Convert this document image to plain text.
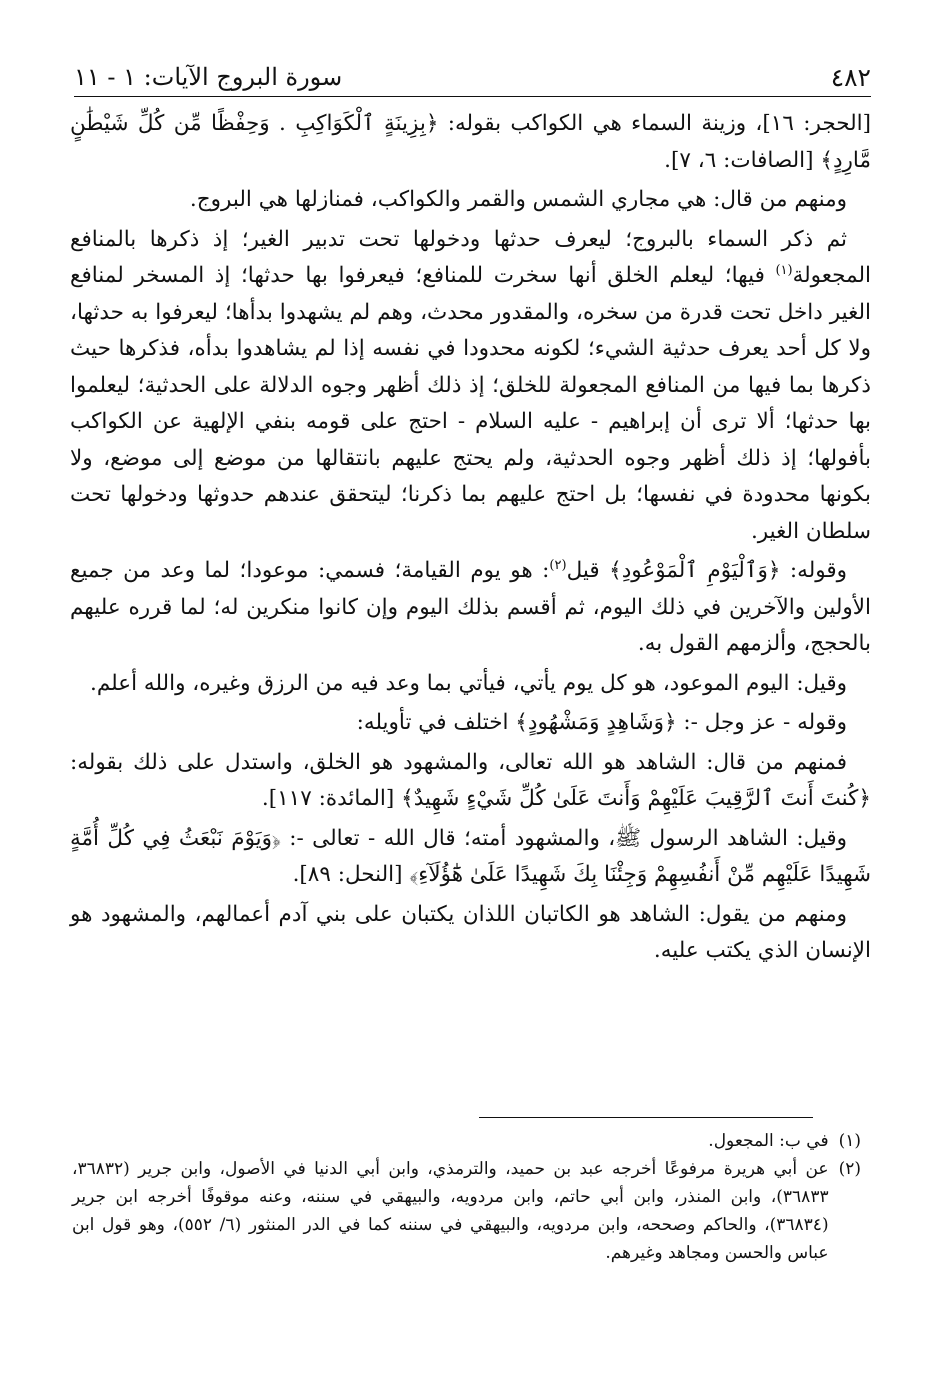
٤٨٢
سورة البروج الآيات: ١ - ١١

[الحجر: ١٦]، وزينة السماء هي الكواكب بقوله: ﴿بِزِينَةٍ ٱلْكَوَاكِبِ . وَحِفْظًا مِّن كُلِّ شَيْطَٰنٍ مَّارِدٍ﴾ [الصافات: ٦، ٧].

ومنهم من قال: هي مجاري الشمس والقمر والكواكب، فمنازلها هي البروج.

ثم ذكر السماء بالبروج؛ ليعرف حدثها ودخولها تحت تدبير الغير؛ إذ ذكرها بالمنافع المجعولة$^{(١)}$ فيها؛ ليعلم الخلق أنها سخرت للمنافع؛ فيعرفوا بها حدثها؛ إذ المسخر لمنافع الغير داخل تحت قدرة من سخره، والمقدور محدث، وهم لم يشهدوا بدأها؛ ليعرفوا به حدثها، ولا كل أحد يعرف حدثية الشيء؛ لكونه محدودا في نفسه إذا لم يشاهدوا بدأه، فذكرها حيث ذكرها بما فيها من المنافع المجعولة للخلق؛ إذ ذلك أظهر وجوه الدلالة على الحدثية؛ ليعلموا بها حدثها؛ ألا ترى أن إبراهيم - عليه السلام - احتج على قومه بنفي الإلهية عن الكواكب بأفولها؛ إذ ذلك أظهر وجوه الحدثية، ولم يحتج عليهم بانتقالها من موضع إلى موضع، ولا بكونها محدودة في نفسها؛ بل احتج عليهم بما ذكرنا؛ ليتحقق عندهم حدوثها ودخولها تحت سلطان الغير.

وقوله: ﴿وَٱلْيَوْمِ ٱلْمَوْعُودِ﴾ قيل$^{(٢)}$: هو يوم القيامة؛ فسمي: موعودا؛ لما وعد من جميع الأولين والآخرين في ذلك اليوم، ثم أقسم بذلك اليوم وإن كانوا منكرين له؛ لما قرره عليهم بالحجج، وألزمهم القول به.

وقيل: اليوم الموعود، هو كل يوم يأتي، فيأتي بما وعد فيه من الرزق وغيره، والله أعلم.

وقوله - عز وجل -: ﴿وَشَاهِدٍ وَمَشْهُودٍ﴾ اختلف في تأويله:

فمنهم من قال: الشاهد هو الله تعالى، والمشهود هو الخلق، واستدل على ذلك بقوله: ﴿كُنتَ أَنتَ ٱلرَّقِيبَ عَلَيْهِمْ وَأَنتَ عَلَىٰ كُلِّ شَيْءٍ شَهِيدٌ﴾ [المائدة: ١١٧].

وقيل: الشاهد الرسول ﷺ، والمشهود أمته؛ قال الله - تعالى -: ﴿وَيَوْمَ نَبْعَثُ فِي كُلِّ أُمَّةٍ شَهِيدًا عَلَيْهِم مِّنْ أَنفُسِهِمْ وَجِئْنَا بِكَ شَهِيدًا عَلَىٰ هَٰٓؤُلَآءِ﴾ [النحل: ٨٩].

ومنهم من يقول: الشاهد هو الكاتبان اللذان يكتبان على بني آدم أعمالهم، والمشهود هو الإنسان الذي يكتب عليه.

(١)
في ب: المجعول.
(٢)
عن أبي هريرة مرفوعًا أخرجه عبد بن حميد، والترمذي، وابن أبي الدنيا في الأصول، وابن جرير (٣٦٨٣٢، ٣٦٨٣٣)، وابن المنذر، وابن أبي حاتم، وابن مردويه، والبيهقي في سننه، وعنه موقوفًا أخرجه ابن جرير (٣٦٨٣٤)، والحاكم وصححه، وابن مردويه، والبيهقي في سننه كما في الدر المنثور (٦/ ٥٥٢)، وهو قول ابن عباس والحسن ومجاهد وغيرهم.
